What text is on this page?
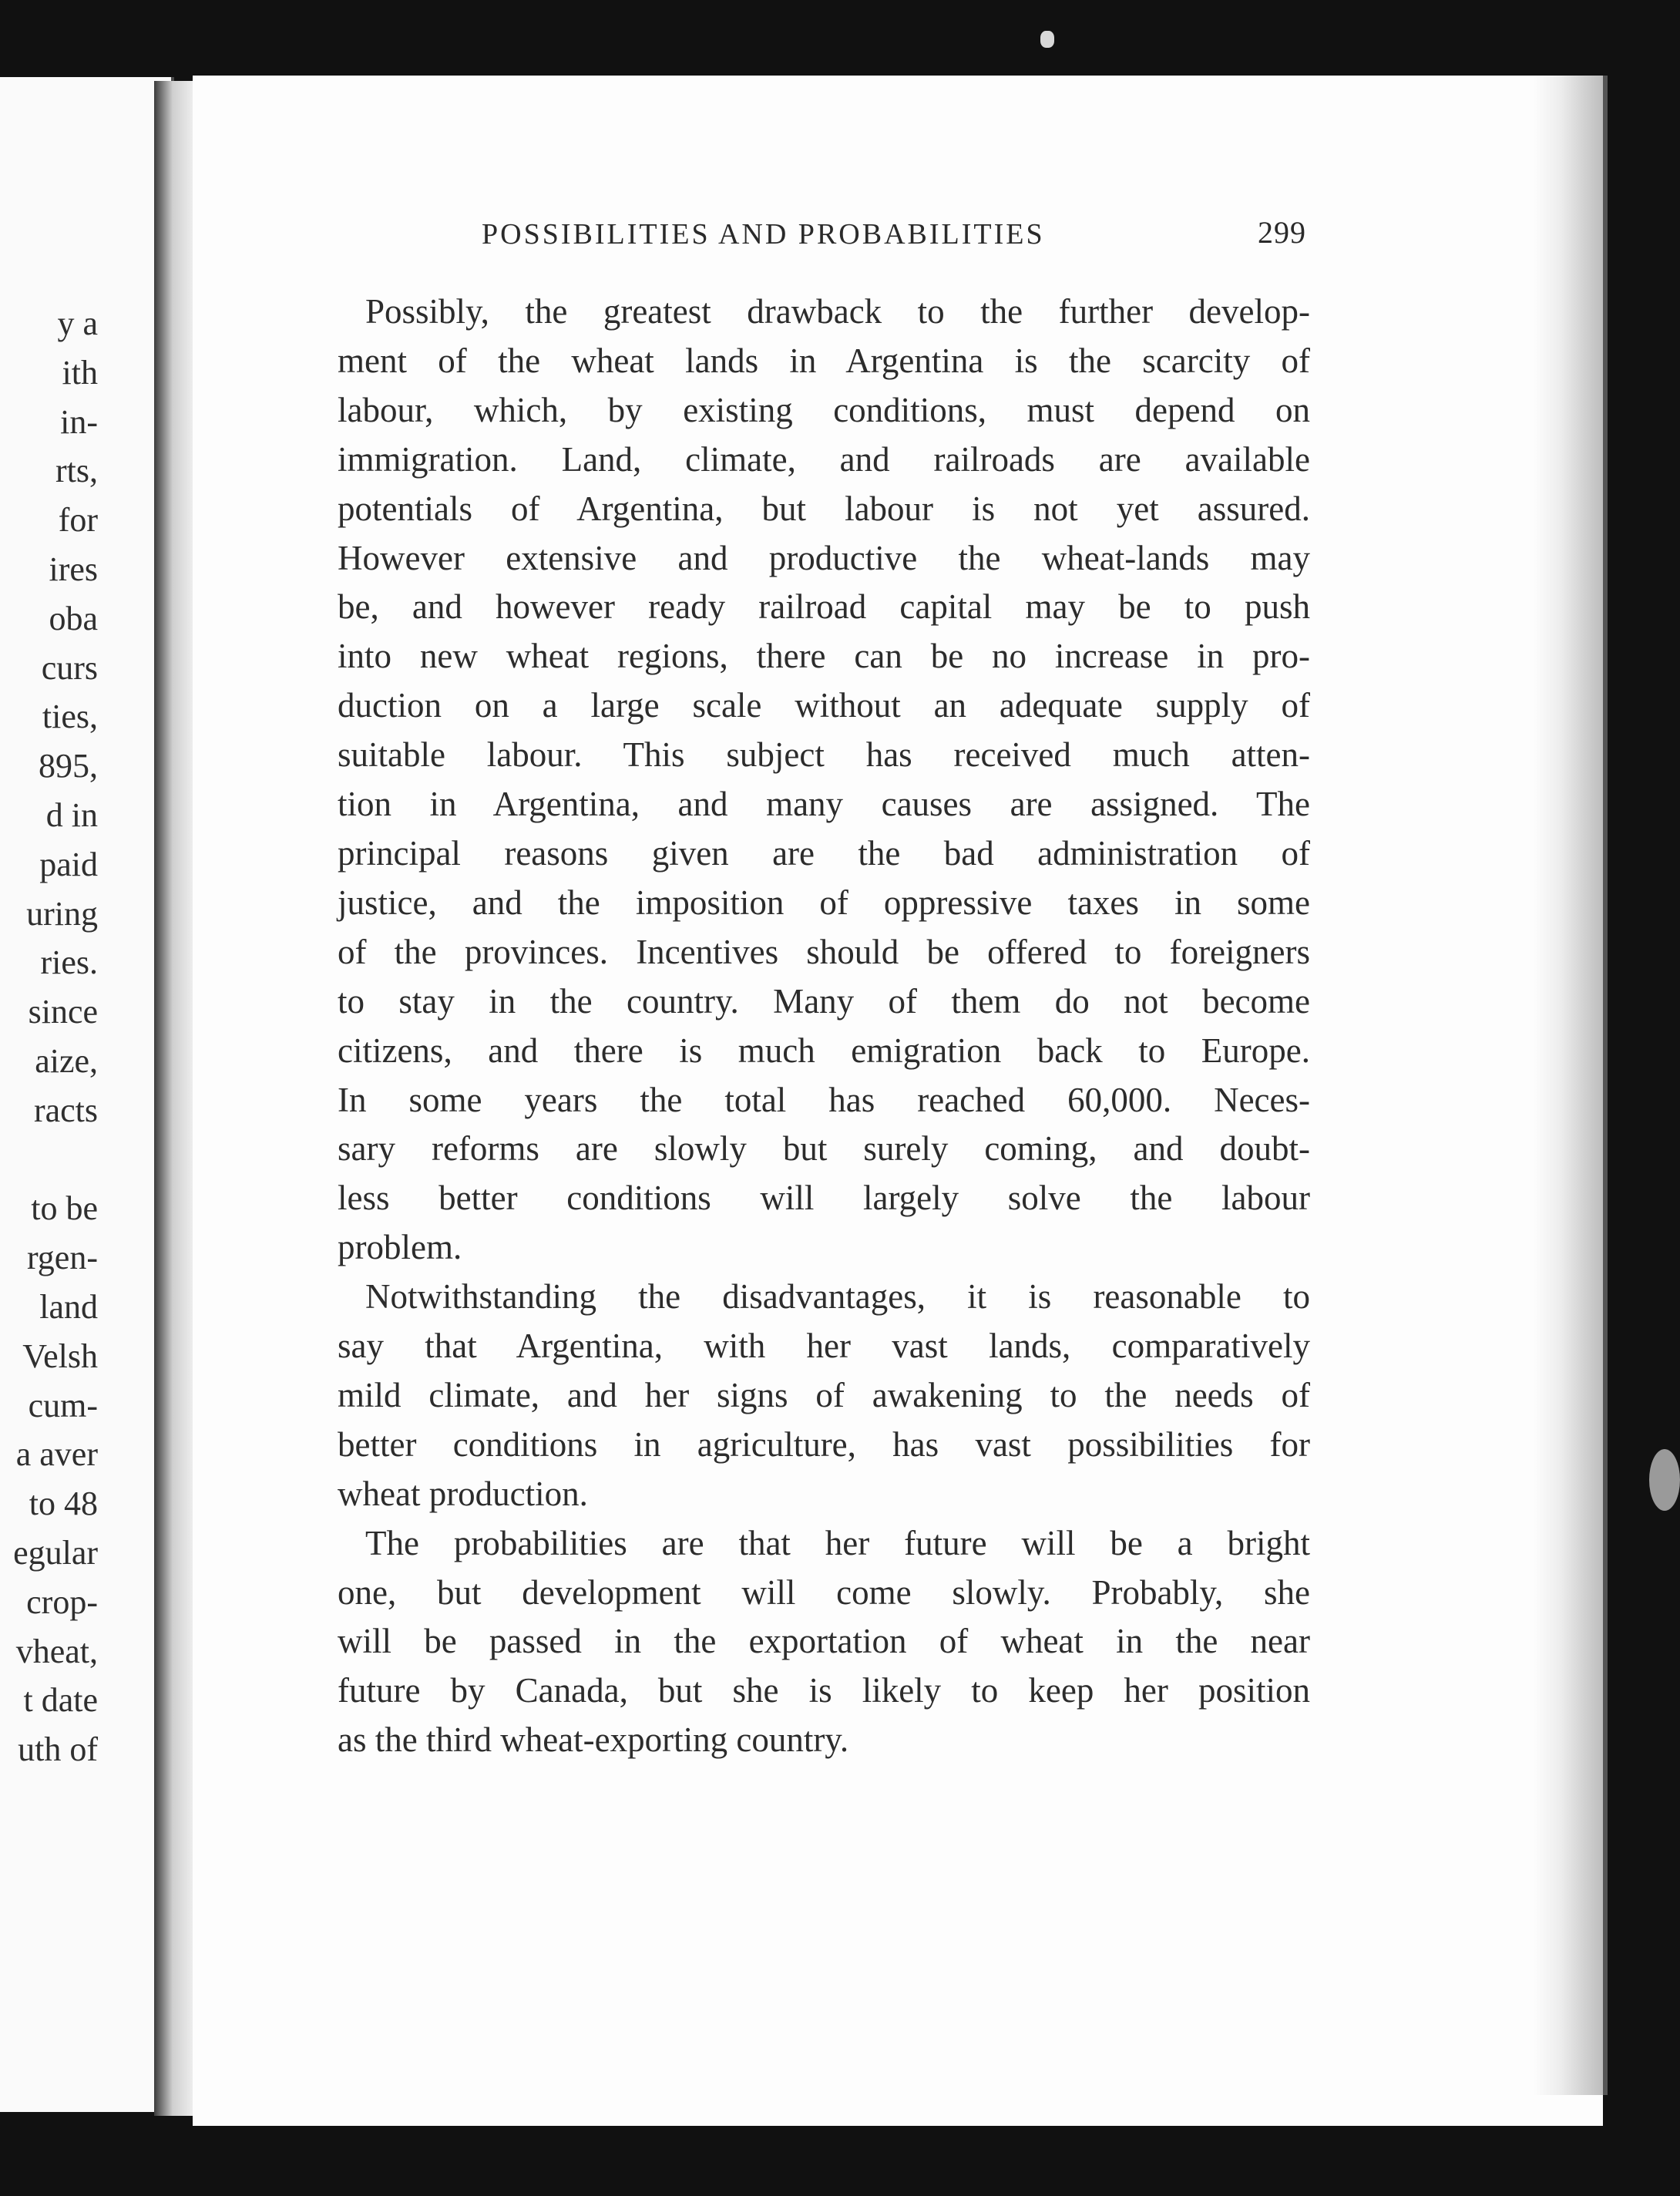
y a
ith
in-
rts,
for
ires
oba
curs
ties,
895,
d in
paid
uring
ries.
since
aize,
racts
to be
rgen-
land
Velsh
cum-
a aver
to 48
egular
crop-
vheat,
t date
uth of
POSSIBILITIES AND PROBABILITIES	299

Possibly, the greatest drawback to the further develop-
ment of the wheat lands in Argentina is the scarcity of
labour, which, by existing conditions, must depend on
immigration. Land, climate, and railroads are available
potentials of Argentina, but labour is not yet assured.
However extensive and productive the wheat-lands may
be, and however ready railroad capital may be to push
into new wheat regions, there can be no increase in pro-
duction on a large scale without an adequate supply of
suitable labour. This subject has received much atten-
tion in Argentina, and many causes are assigned. The
principal reasons given are the bad administration of
justice, and the imposition of oppressive taxes in some
of the provinces. Incentives should be offered to foreigners
to stay in the country. Many of them do not become
citizens, and there is much emigration back to Europe.
In some years the total has reached 60,000. Neces-
sary reforms are slowly but surely coming, and doubt-
less better conditions will largely solve the labour
problem.

Notwithstanding the disadvantages, it is reasonable to
say that Argentina, with her vast lands, comparatively
mild climate, and her signs of awakening to the needs of
better conditions in agriculture, has vast possibilities for
wheat production.

The probabilities are that her future will be a bright
one, but development will come slowly. Probably, she
will be passed in the exportation of wheat in the near
future by Canada, but she is likely to keep her position
as the third wheat-exporting country.
